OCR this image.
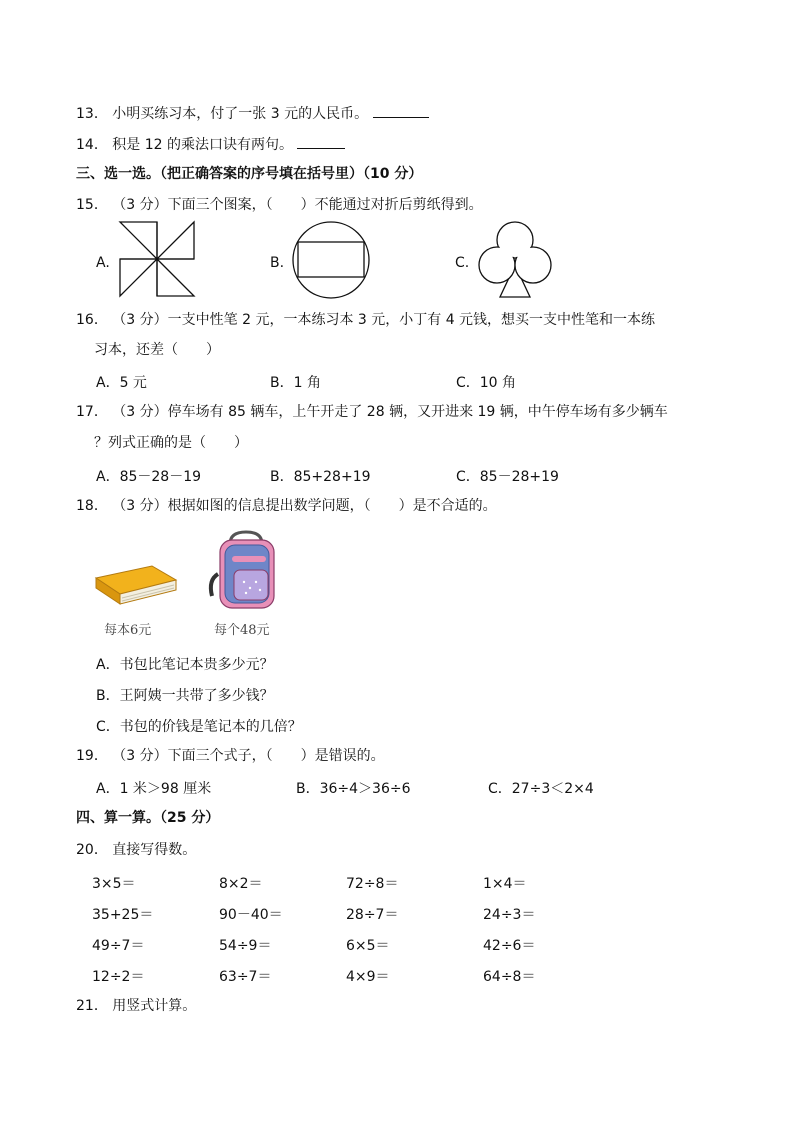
13． 小明买练习本，付了一张 3 元的人民币。
14． 积是 12 的乘法口诀有两句。
三、选一选。（把正确答案的序号填在括号里）（10 分）
15． （3 分）下面三个图案，（　　）不能通过对折后剪纸得到。
A.	B.	C.
16． （3 分）一支中性笔 2 元，一本练习本 3 元，小丁有 4 元钱，想买一支中性笔和一本练
习本，还差（　　）
A．5 元	B．1 角	C．10 角
17． （3 分）停车场有 85 辆车，上午开走了 28 辆，又开进来 19 辆，中午停车场有多少辆车
？列式正确的是（　　）
A．85－28－19	B．85+28+19	C．85－28+19
18． （3 分）根据如图的信息提出数学问题，（　　）是不合适的。
每本6元	每个48元
A．书包比笔记本贵多少元？
B．王阿姨一共带了多少钱？
C．书包的价钱是笔记本的几倍？
19． （3 分）下面三个式子，（　　）是错误的。
A．1 米＞98 厘米	B．36÷4＞36÷6	C．27÷3＜2×4
四、算一算。（25 分）
20． 直接写得数。
3×5＝	8×2＝	72÷8＝	1×4＝
35+25＝	90－40＝	28÷7＝	24÷3＝
49÷7＝	54÷9＝	6×5＝	42÷6＝
12÷2＝	63÷7＝	4×9＝	64÷8＝
21． 用竖式计算。
